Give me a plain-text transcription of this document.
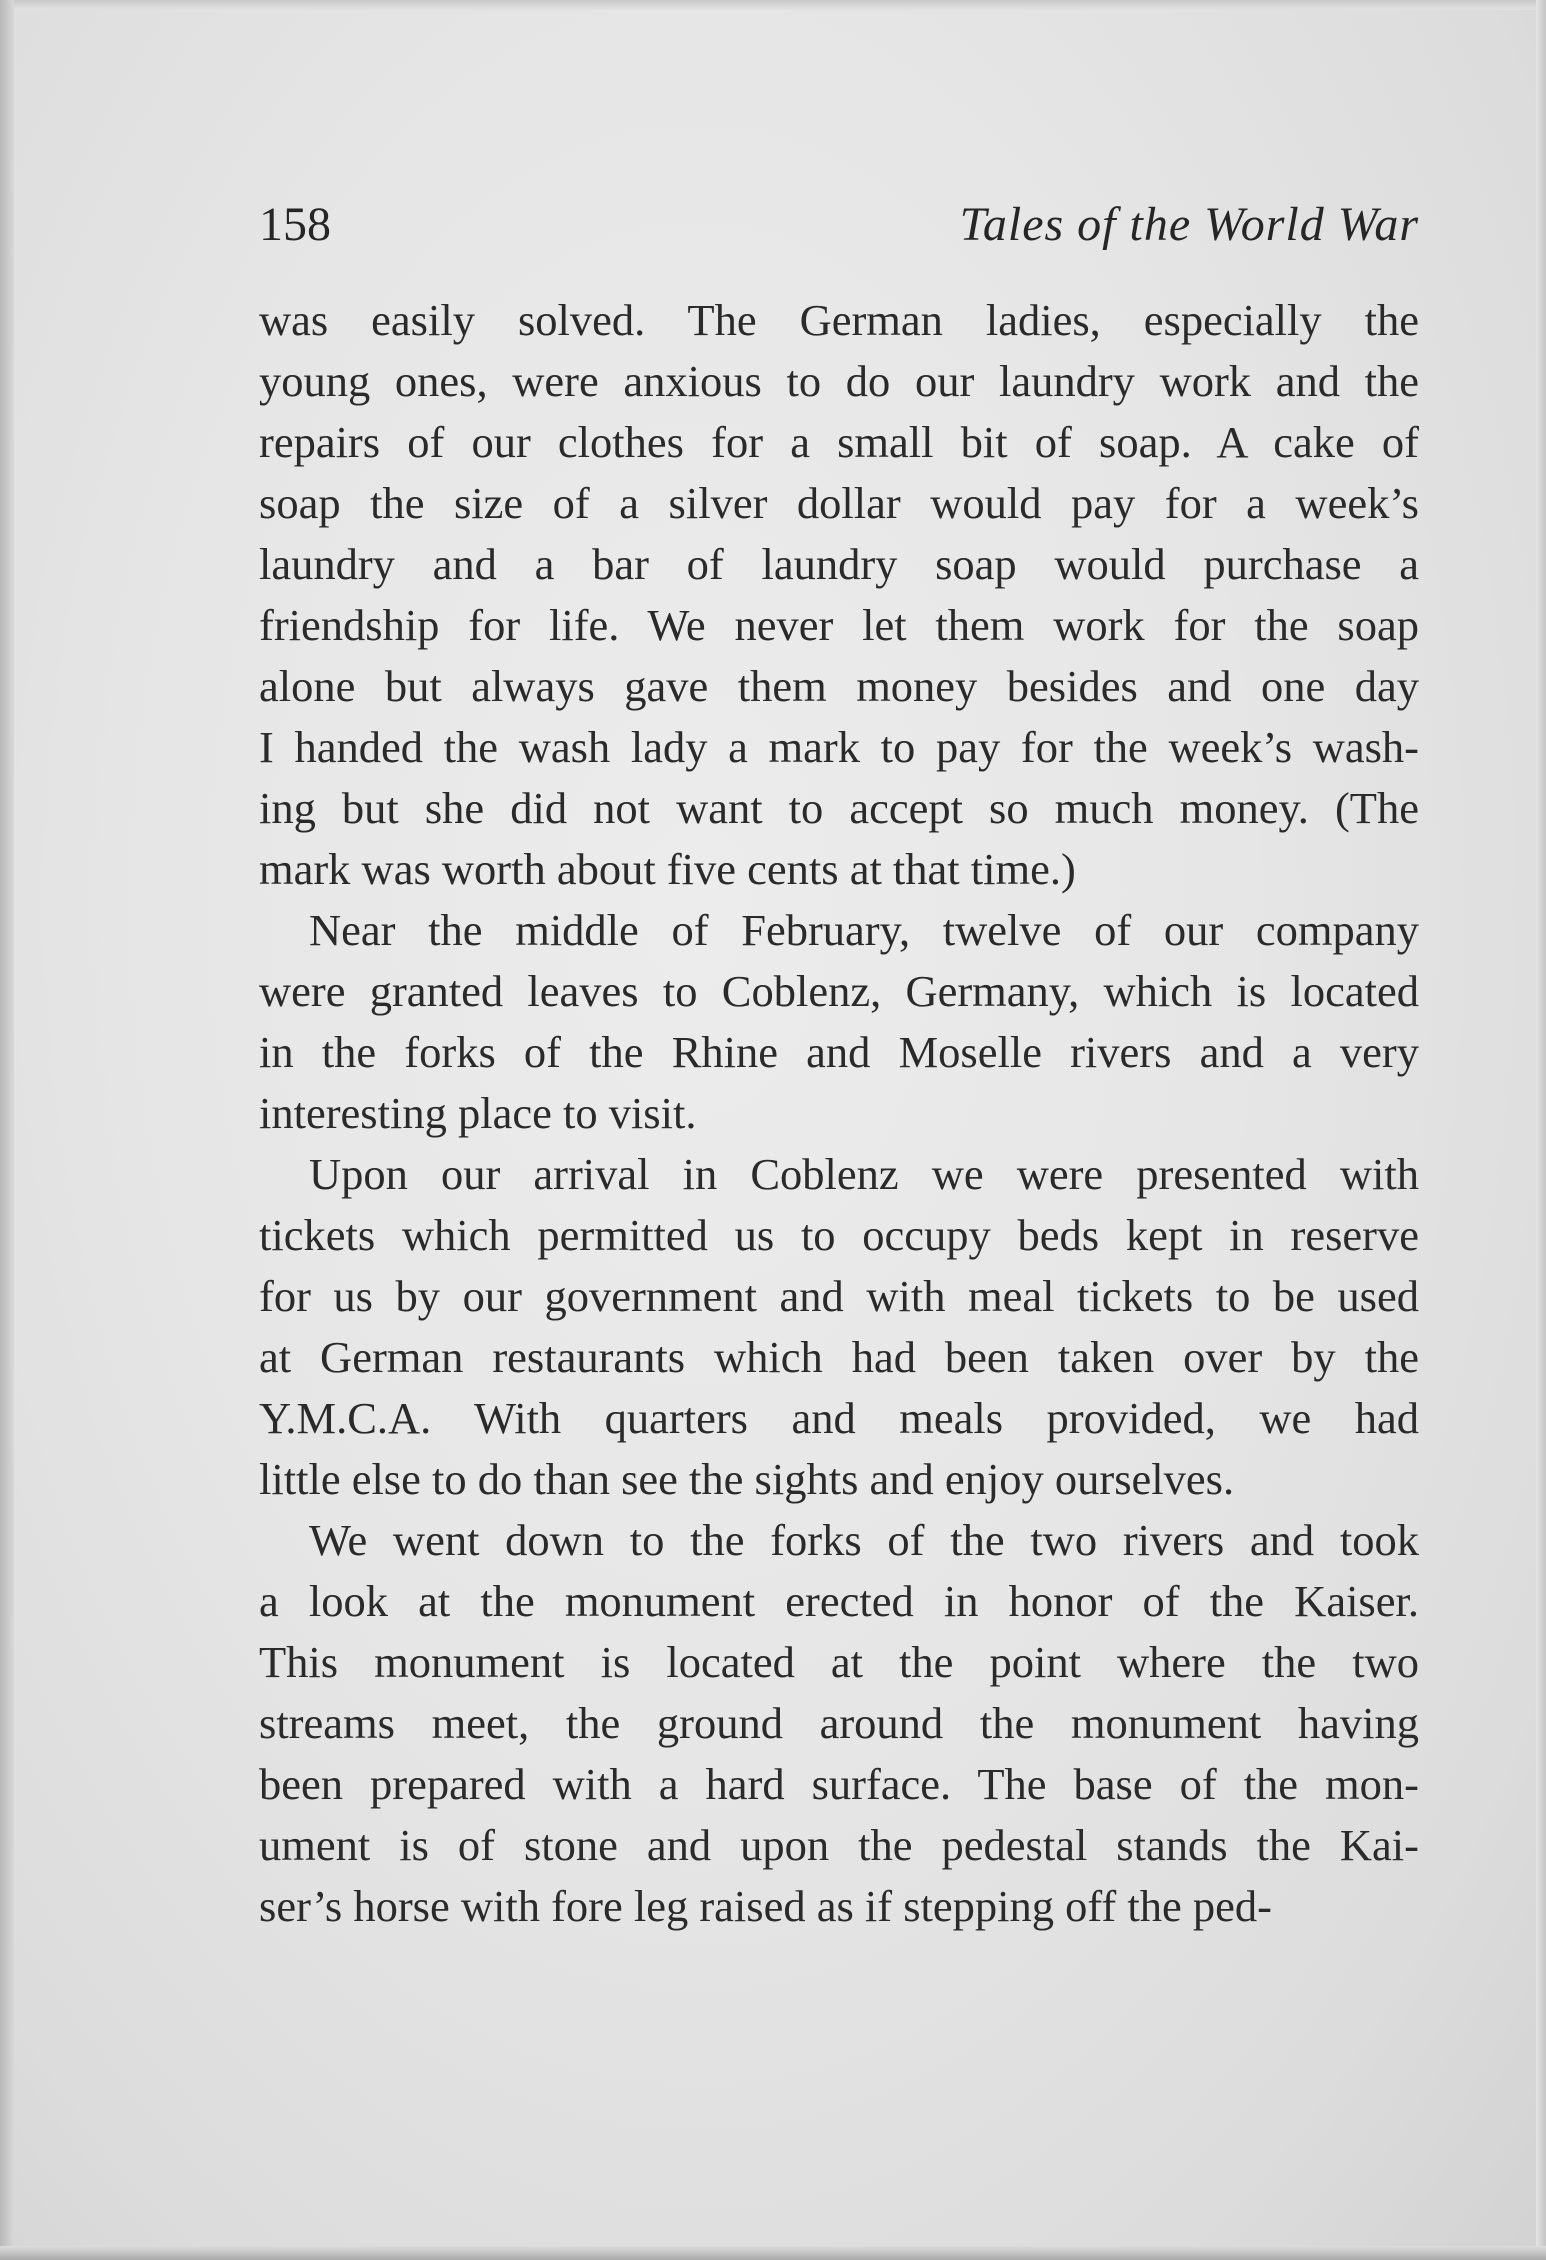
158	Tales of the World War
was easily solved. The German ladies, especially the
young ones, were anxious to do our laundry work and the
repairs of our clothes for a small bit of soap. A cake of
soap the size of a silver dollar would pay for a week’s
laundry and a bar of laundry soap would purchase a
friendship for life. We never let them work for the soap
alone but always gave them money besides and one day
I handed the wash lady a mark to pay for the week’s wash-
ing but she did not want to accept so much money. (The
mark was worth about five cents at that time.)
Near the middle of February, twelve of our company
were granted leaves to Coblenz, Germany, which is located
in the forks of the Rhine and Moselle rivers and a very
interesting place to visit.
Upon our arrival in Coblenz we were presented with
tickets which permitted us to occupy beds kept in reserve
for us by our government and with meal tickets to be used
at German restaurants which had been taken over by the
Y.M.C.A. With quarters and meals provided, we had
little else to do than see the sights and enjoy ourselves.
We went down to the forks of the two rivers and took
a look at the monument erected in honor of the Kaiser.
This monument is located at the point where the two
streams meet, the ground around the monument having
been prepared with a hard surface. The base of the mon-
ument is of stone and upon the pedestal stands the Kai-
ser’s horse with fore leg raised as if stepping off the ped-
